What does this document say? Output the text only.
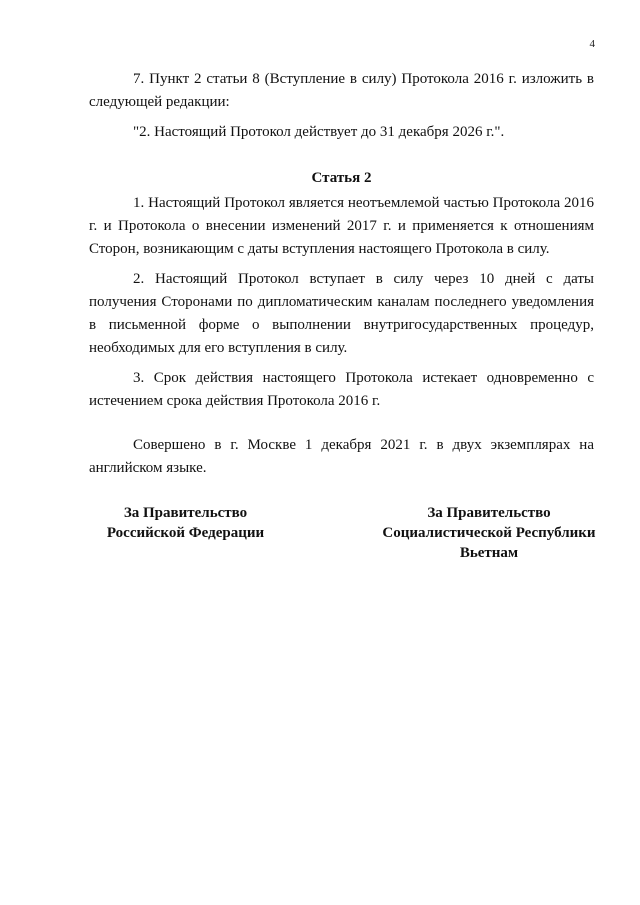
4

7. Пункт 2 статьи 8 (Вступление в силу) Протокола 2016 г. изложить в следующей редакции:

"2. Настоящий Протокол действует до 31 декабря 2026 г.".

Статья 2

1. Настоящий Протокол является неотъемлемой частью Протокола 2016 г. и Протокола о внесении изменений 2017 г. и применяется к отношениям Сторон, возникающим с даты вступления настоящего Протокола в силу.

2. Настоящий Протокол вступает в силу через 10 дней с даты получения Сторонами по дипломатическим каналам последнего уведомления в письменной форме о выполнении внутригосударственных процедур, необходимых для его вступления в силу.

3. Срок действия настоящего Протокола истекает одновременно с истечением срока действия Протокола 2016 г.

Совершено в г. Москве 1 декабря 2021 г. в двух экземплярах на английском языке.

За Правительство
Российской Федерации
За Правительство
Социалистической Республики
Вьетнам
